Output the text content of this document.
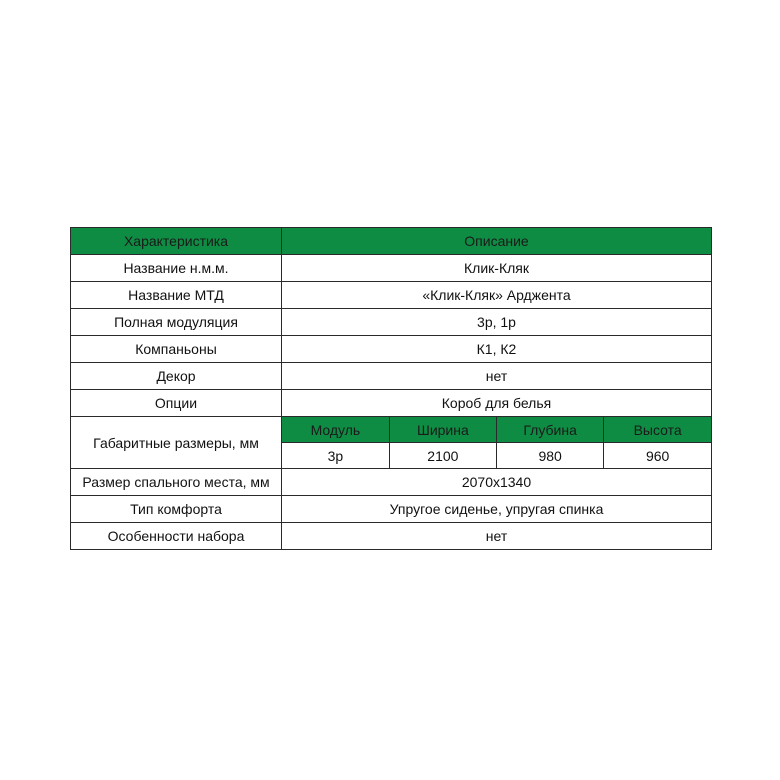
Характеристика	Описание
Название н.м.м.	Клик-Кляк
Название МТД	«Клик-Кляк» Арджента
Полная модуляция	3р, 1р
Компаньоны	К1, К2
Декор	нет
Опции	Короб для белья
Габаритные размеры, мм	
Модуль	Ширина	Глубина	Высота
3р	2100	980	960

Размер спального места, мм	2070х1340
Тип комфорта	Упругое сиденье, упругая спинка
Особенности набора	нет
